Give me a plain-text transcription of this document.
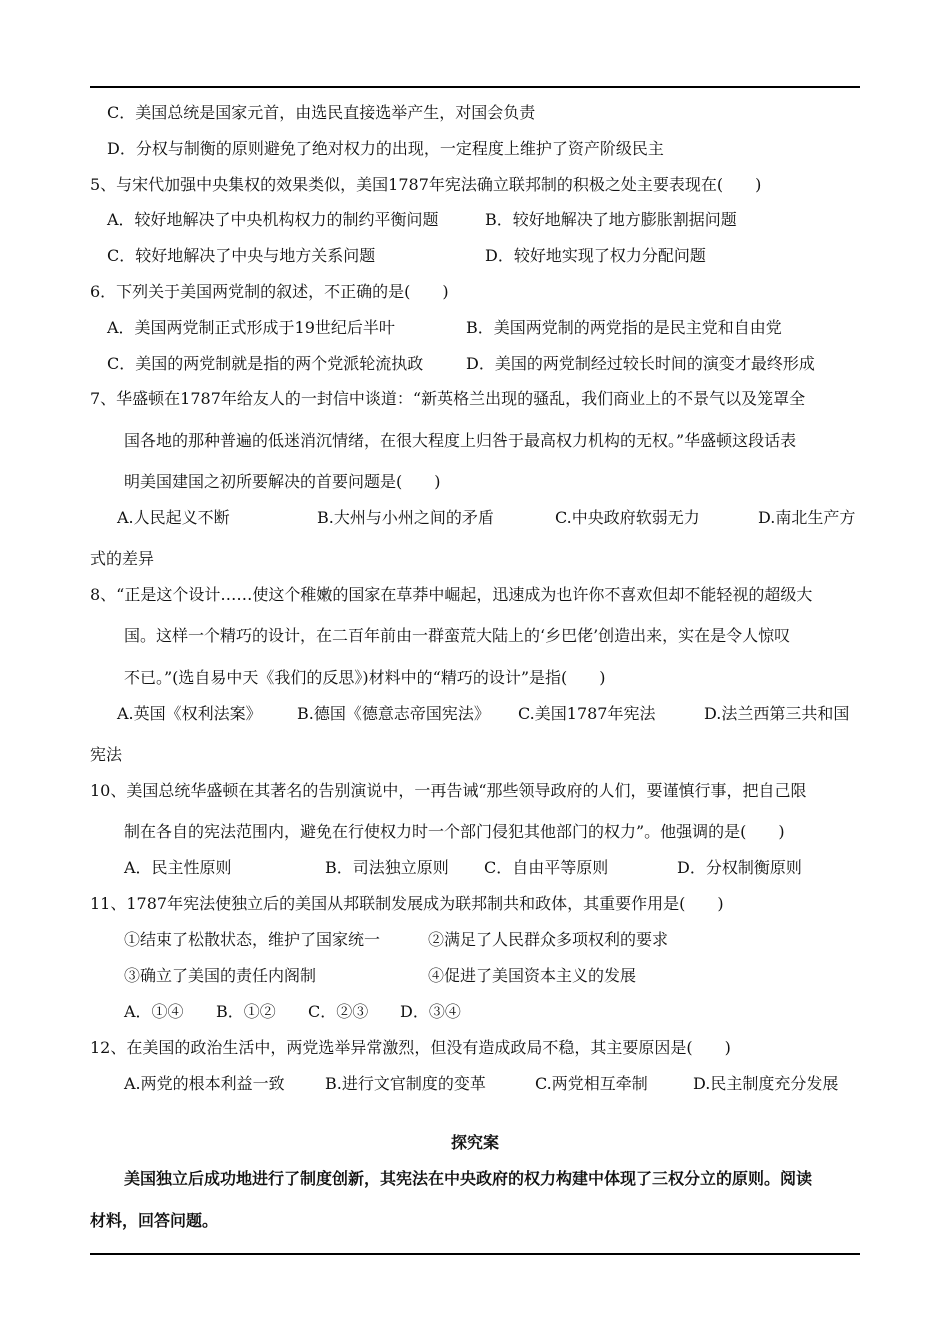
C．美国总统是国家元首，由选民直接选举产生，对国会负责
D．分权与制衡的原则避免了绝对权力的出现，一定程度上维护了资产阶级民主
5、与宋代加强中央集权的效果类似，美国1787年宪法确立联邦制的积极之处主要表现在(　　)
A．较好地解决了中央机构权力的制约平衡问题	B．较好地解决了地方膨胀割据问题
C．较好地解决了中央与地方关系问题	D．较好地实现了权力分配问题
6．下列关于美国两党制的叙述，不正确的是(　　)
A．美国两党制正式形成于19世纪后半叶	B．美国两党制的两党指的是民主党和自由党
C．美国的两党制就是指的两个党派轮流执政	D．美国的两党制经过较长时间的演变才最终形成
7、华盛顿在1787年给友人的一封信中谈道：“新英格兰出现的骚乱，我们商业上的不景气以及笼罩全
国各地的那种普遍的低迷消沉情绪，在很大程度上归咎于最高权力机构的无权。”华盛顿这段话表
明美国建国之初所要解决的首要问题是(　　)
A.人民起义不断	B.大州与小州之间的矛盾	C.中央政府软弱无力	D.南北生产方
式的差异
8、“正是这个设计……使这个稚嫩的国家在草莽中崛起，迅速成为也许你不喜欢但却不能轻视的超级大
国。这样一个精巧的设计，在二百年前由一群蛮荒大陆上的‘乡巴佬’创造出来，实在是令人惊叹
不已。”(选自易中天《我们的反思》)材料中的“精巧的设计”是指(　　)
A.英国《权利法案》 B.德国《德意志帝国宪法》 C.美国1787年宪法	D.法兰西第三共和国
宪法
10、美国总统华盛顿在其著名的告别演说中，一再告诫“那些领导政府的人们，要谨慎行事，把自己限
制在各自的宪法范围内，避免在行使权力时一个部门侵犯其他部门的权力”。他强调的是(　　)
A．民主性原则	B．司法独立原则 C．自由平等原则	D．分权制衡原则
11、1787年宪法使独立后的美国从邦联制发展成为联邦制共和政体，其重要作用是(　　)
①结束了松散状态，维护了国家统一	②满足了人民群众多项权利的要求
③确立了美国的责任内阁制	④促进了美国资本主义的发展
A．①④ B．①② C．②③ D．③④
12、在美国的政治生活中，两党选举异常激烈，但没有造成政局不稳，其主要原因是(　　)
A.两党的根本利益一致	B.进行文官制度的变革	C.两党相互牵制	D.民主制度充分发展
探究案
美国独立后成功地进行了制度创新，其宪法在中央政府的权力构建中体现了三权分立的原则。阅读
材料，回答问题。
